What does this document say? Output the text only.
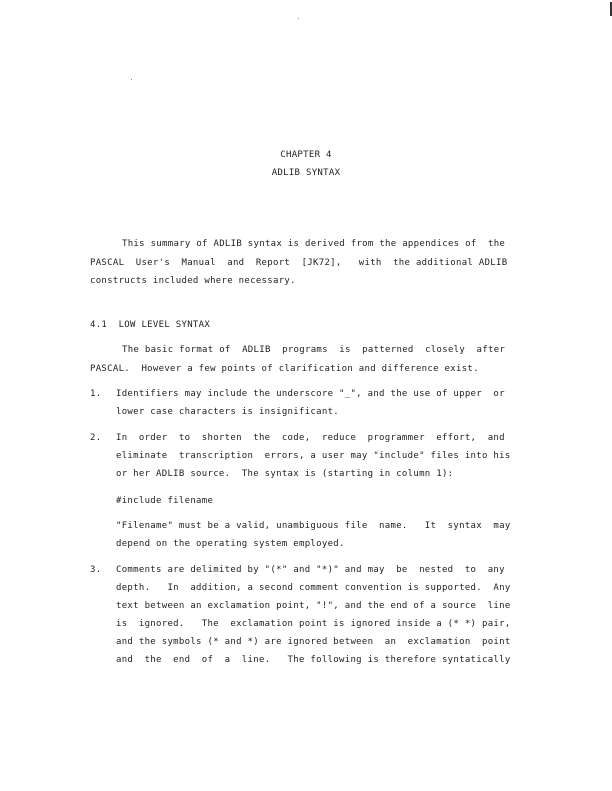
CHAPTER 4
ADLIB SYNTAX
This summary of ADLIB syntax is derived from the appendices of  the
PASCAL  User's  Manual  and  Report  [JK72],   with  the additional ADLIB
constructs included where necessary.
4.1  LOW LEVEL SYNTAX
The basic format of  ADLIB  programs  is  patterned  closely  after
PASCAL.  However a few points of clarification and difference exist.
1. Identifiers may include the underscore "_", and the use of upper  or
lower case characters is insignificant.
2. In  order  to  shorten  the  code,  reduce  programmer  effort,  and
eliminate  transcription  errors, a user may "include" files into his
or her ADLIB source.  The syntax is (starting in column 1):
#include filename
"Filename" must be a valid, unambiguous file  name.   It  syntax  may
depend on the operating system employed.
3. Comments are delimited by "(*" and "*)" and may  be  nested  to  any
depth.   In  addition, a second comment convention is supported.  Any
text between an exclamation point, "!", and the end of a source  line
is  ignored.   The  exclamation point is ignored inside a (* *) pair,
and the symbols (* and *) are ignored between  an  exclamation  point
and  the  end  of  a  line.   The following is therefore syntatically
